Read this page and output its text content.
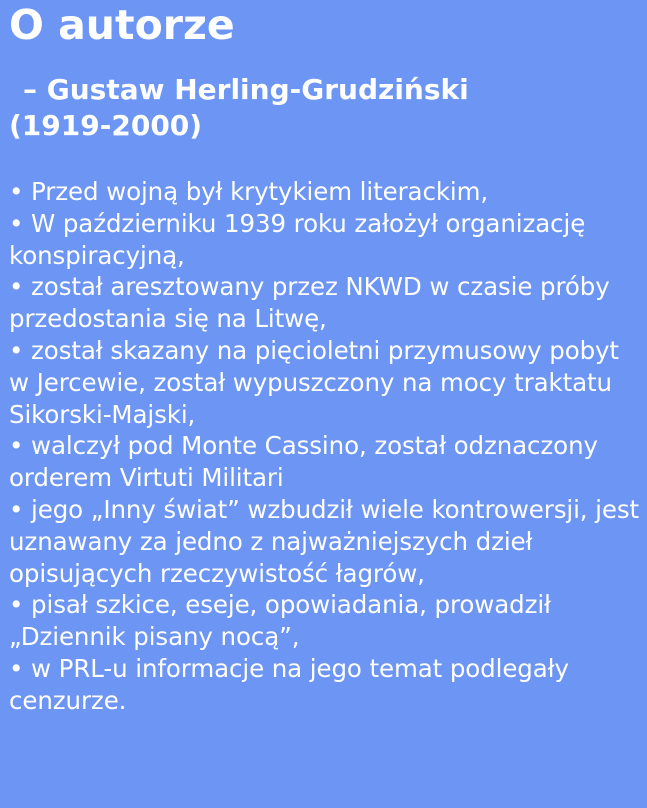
O autorze
– Gustaw Herling-Grudziński
(1919-2000)
• Przed wojną był krytykiem literackim,
• W październiku 1939 roku założył organizację konspiracyjną,
• został aresztowany przez NKWD w czasie próby przedostania się na Litwę,
• został skazany na pięcioletni przymusowy pobyt w Jercewie, został wypuszczony na mocy traktatu Sikorski-Majski,
• walczył pod Monte Cassino, został odznaczony orderem Virtuti Militari
• jego „Inny świat” wzbudził wiele kontrowersji, jest uznawany za jedno z najważniejszych dzieł opisujących rzeczywistość łagrów,
• pisał szkice, eseje, opowiadania, prowadził „Dziennik pisany nocą”,
• w PRL-u informacje na jego temat podlegały cenzurze.
